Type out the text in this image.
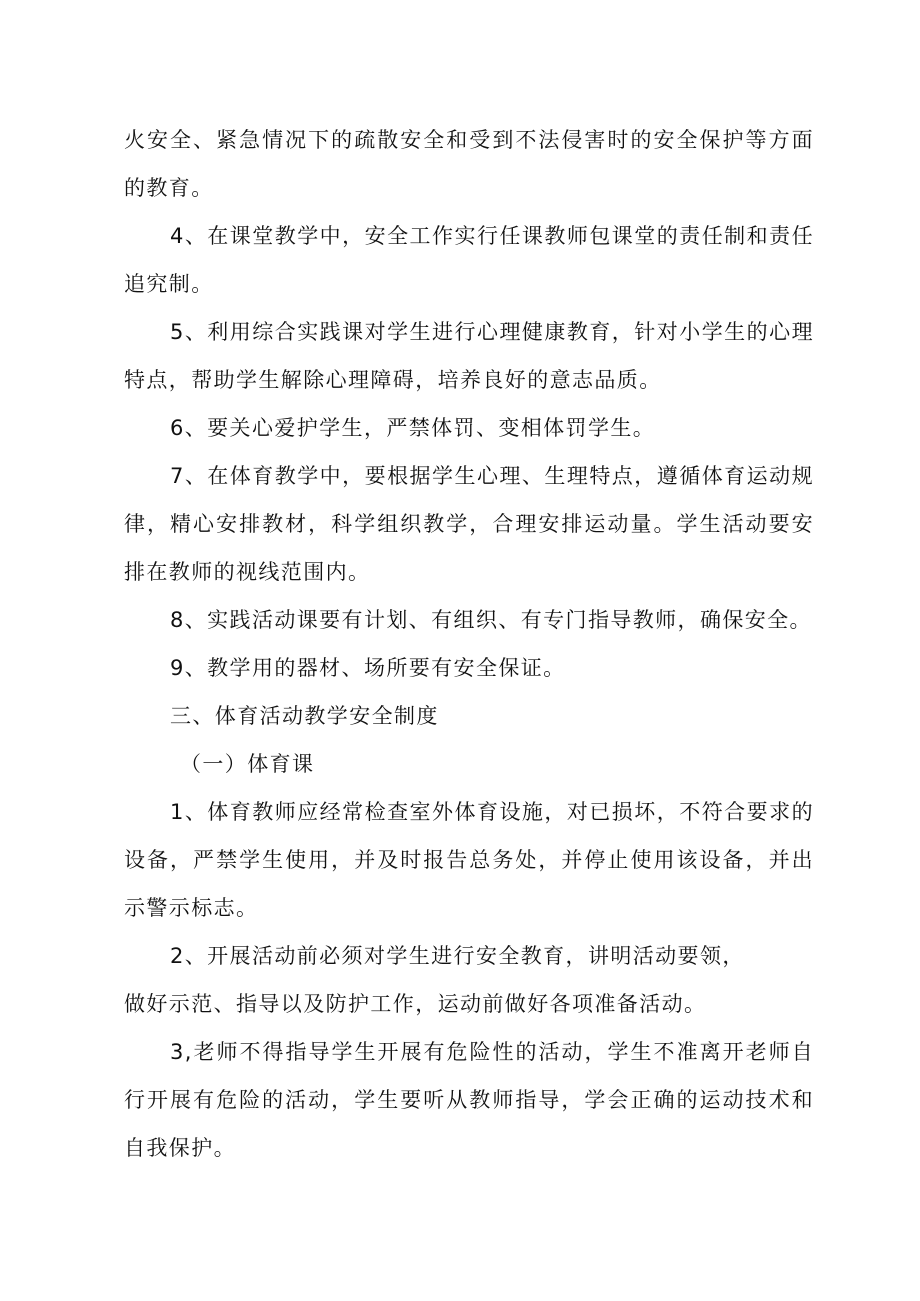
火安全、紧急情况下的疏散安全和受到不法侵害时的安全保护等方面的教育。

4、在课堂教学中，安全工作实行任课教师包课堂的责任制和责任追究制。

5、利用综合实践课对学生进行心理健康教育，针对小学生的心理特点，帮助学生解除心理障碍，培养良好的意志品质。

6、要关心爱护学生，严禁体罚、变相体罚学生。

7、在体育教学中，要根据学生心理、生理特点，遵循体育运动规律，精心安排教材，科学组织教学，合理安排运动量。学生活动要安排在教师的视线范围内。

8、实践活动课要有计划、有组织、有专门指导教师，确保安全。

9、教学用的器材、场所要有安全保证。

三、体育活动教学安全制度

（一）体育课

1、体育教师应经常检查室外体育设施，对已损坏，不符合要求的设备，严禁学生使用，并及时报告总务处，并停止使用该设备，并出示警示标志。

2、开展活动前必须对学生进行安全教育，讲明活动要领，

做好示范、指导以及防护工作，运动前做好各项准备活动。

3,老师不得指导学生开展有危险性的活动，学生不准离开老师自行开展有危险的活动，学生要听从教师指导，学会正确的运动技术和自我保护。
